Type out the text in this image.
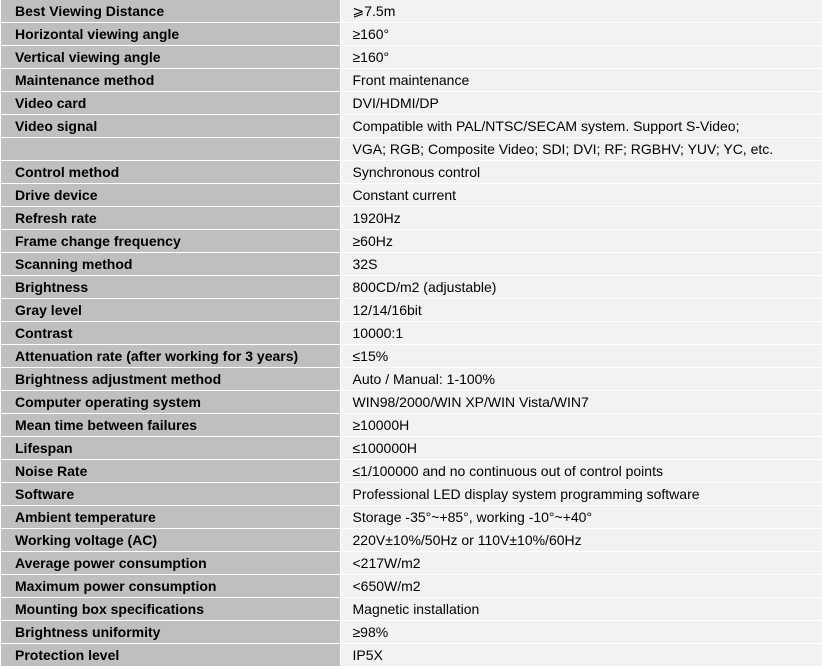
Best Viewing Distance	⩾7.5m
Horizontal viewing angle	≥160°
Vertical viewing angle	≥160°
Maintenance method	Front maintenance
Video card	DVI/HDMI/DP
Video signal	Compatible with PAL/NTSC/SECAM system. Support S-Video;
	VGA; RGB; Composite Video; SDI; DVI; RF; RGBHV; YUV; YC, etc.
Control method	Synchronous control
Drive device	Constant current
Refresh rate	1920Hz
Frame change frequency	≥60Hz
Scanning method	32S
Brightness	800CD/m2 (adjustable)
Gray level	12/14/16bit
Contrast	10000:1
Attenuation rate (after working for 3 years)	≤15%
Brightness adjustment method	Auto / Manual: 1-100%
Computer operating system	WIN98/2000/WIN XP/WIN Vista/WIN7
Mean time between failures	≥10000H
Lifespan	≤100000H
Noise Rate	≤1/100000 and no continuous out of control points
Software	Professional LED display system programming software
Ambient temperature	Storage -35°~+85°, working -10°~+40°
Working voltage (AC)	220V±10%/50Hz or 110V±10%/60Hz
Average power consumption	<217W/m2
Maximum power consumption	<650W/m2
Mounting box specifications	Magnetic installation
Brightness uniformity	≥98%
Protection level	IP5X
